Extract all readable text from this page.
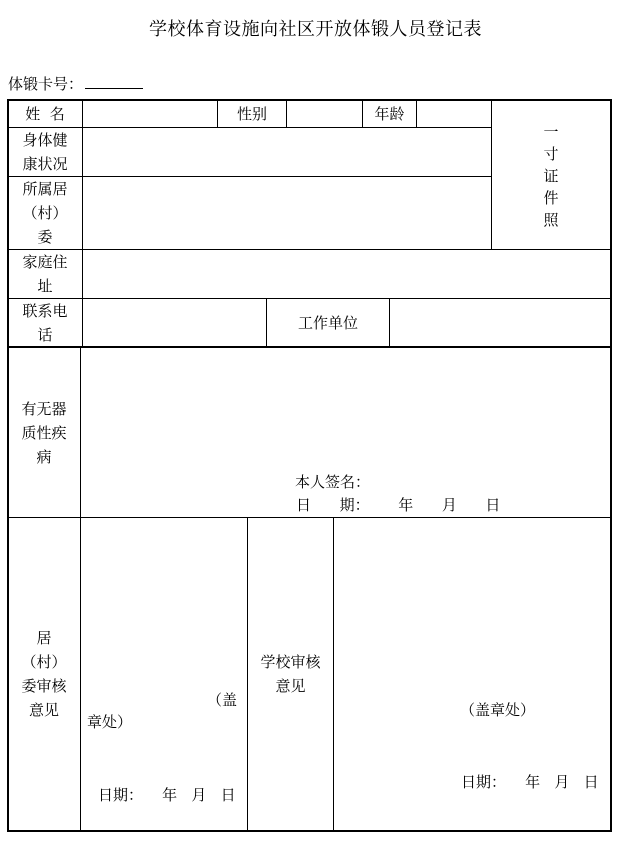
学校体育设施向社区开放体锻人员登记表
体锻卡号：
姓  名	性别	年龄
一
寸
证
件
照
身体健
康状况
所属居
（村）
委
家庭住
址
联系电
话
工作单位
有无器
质性疾
病
本人签名：
日      期：      年      月      日
居
（村）
委审核
意见
（盖
章处）
日期：    年   月   日
学校审核
意见
（盖章处）
日期：    年   月   日
